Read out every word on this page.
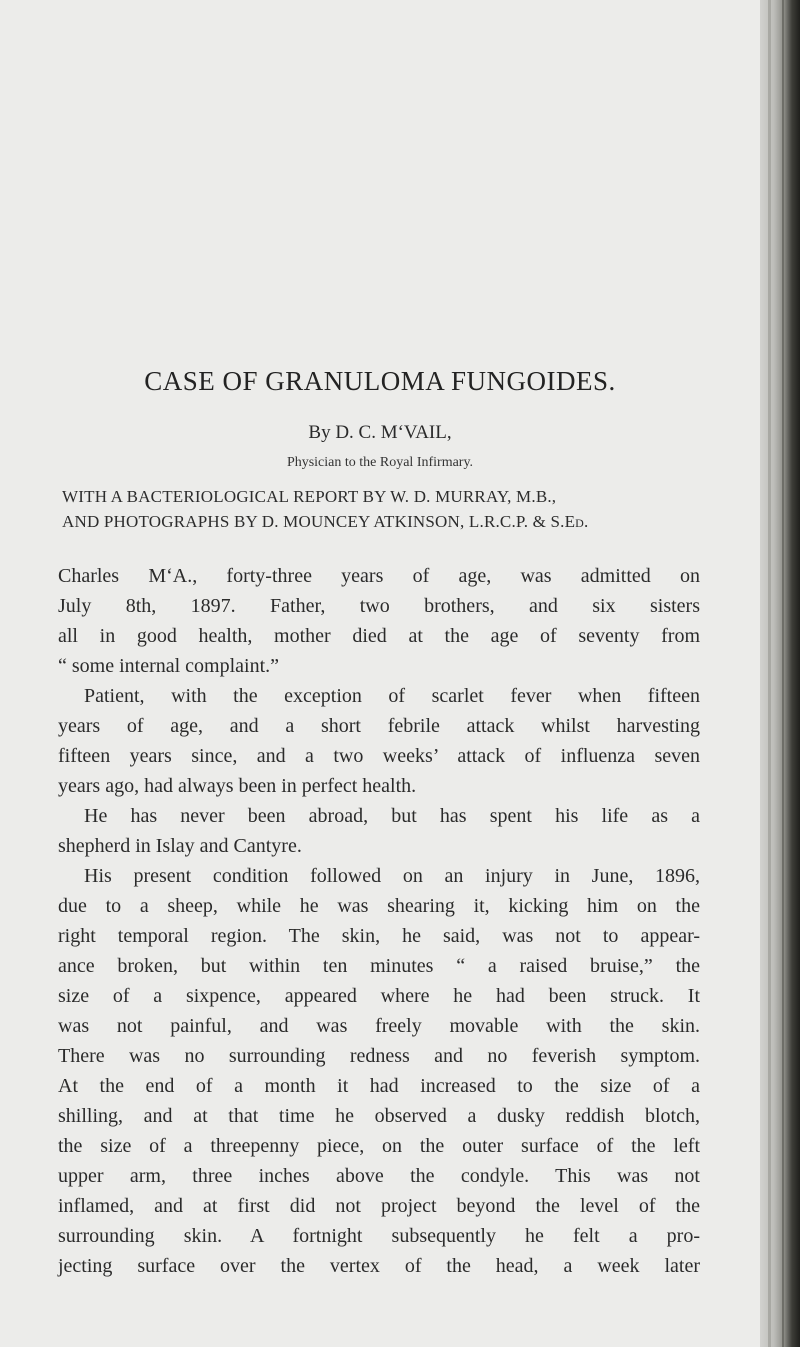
CASE OF GRANULOMA FUNGOIDES.

By D. C. M‘VAIL,

Physician to the Royal Infirmary.

WITH A BACTERIOLOGICAL REPORT BY W. D. MURRAY, M.B.,

AND PHOTOGRAPHS BY D. MOUNCEY ATKINSON, L.R.C.P. & S.Ed.

Charles M‘A., forty-three years of age, was admitted on

July 8th, 1897. Father, two brothers, and six sisters

all in good health, mother died at the age of seventy from

“ some internal complaint.”

Patient, with the exception of scarlet fever when fifteen

years of age, and a short febrile attack whilst harvesting

fifteen years since, and a two weeks’ attack of influenza seven

years ago, had always been in perfect health.

He has never been abroad, but has spent his life as a

shepherd in Islay and Cantyre.

His present condition followed on an injury in June, 1896,

due to a sheep, while he was shearing it, kicking him on the

right temporal region. The skin, he said, was not to appear-

ance broken, but within ten minutes “ a raised bruise,” the

size of a sixpence, appeared where he had been struck. It

was not painful, and was freely movable with the skin.

There was no surrounding redness and no feverish symptom.

At the end of a month it had increased to the size of a

shilling, and at that time he observed a dusky reddish blotch,

the size of a threepenny piece, on the outer surface of the left

upper arm, three inches above the condyle. This was not

inflamed, and at first did not project beyond the level of the

surrounding skin. A fortnight subsequently he felt a pro-

jecting surface over the vertex of the head, a week later
